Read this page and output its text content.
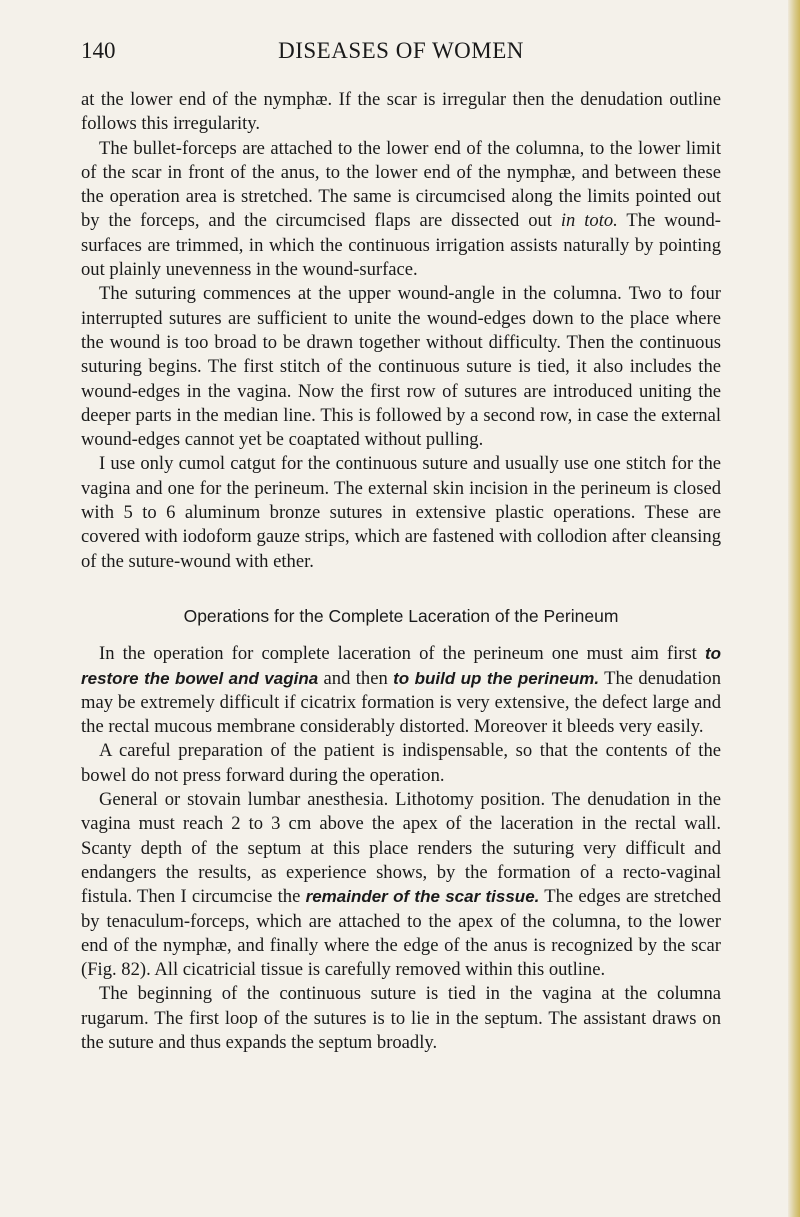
140	DISEASES OF WOMEN

at the lower end of the nymphæ. If the scar is irregular then the denudation outline follows this irregularity.

The bullet-forceps are attached to the lower end of the columna, to the lower limit of the scar in front of the anus, to the lower end of the nymphæ, and between these the operation area is stretched. The same is circumcised along the limits pointed out by the forceps, and the circumcised flaps are dissected out in toto. The wound-surfaces are trimmed, in which the continuous irrigation assists naturally by pointing out plainly unevenness in the wound-surface.

The suturing commences at the upper wound-angle in the columna. Two to four interrupted sutures are sufficient to unite the wound-edges down to the place where the wound is too broad to be drawn together without difficulty. Then the continuous suturing begins. The first stitch of the continuous suture is tied, it also includes the wound-edges in the vagina. Now the first row of sutures are introduced uniting the deeper parts in the median line. This is followed by a second row, in case the external wound-edges cannot yet be coaptated without pulling.

I use only cumol catgut for the continuous suture and usually use one stitch for the vagina and one for the perineum. The external skin incision in the perineum is closed with 5 to 6 aluminum bronze sutures in extensive plastic operations. These are covered with iodoform gauze strips, which are fastened with collodion after cleansing of the suture-wound with ether.

Operations for the Complete Laceration of the Perineum

In the operation for complete laceration of the perineum one must aim first to restore the bowel and vagina and then to build up the perineum. The denudation may be extremely difficult if cicatrix formation is very extensive, the defect large and the rectal mucous membrane considerably distorted. Moreover it bleeds very easily.

A careful preparation of the patient is indispensable, so that the contents of the bowel do not press forward during the operation.

General or stovain lumbar anesthesia. Lithotomy position. The denudation in the vagina must reach 2 to 3 cm above the apex of the laceration in the rectal wall. Scanty depth of the septum at this place renders the suturing very difficult and endangers the results, as experience shows, by the formation of a recto-vaginal fistula. Then I circumcise the remainder of the scar tissue. The edges are stretched by tenaculum-forceps, which are attached to the apex of the columna, to the lower end of the nymphæ, and finally where the edge of the anus is recognized by the scar (Fig. 82). All cicatricial tissue is carefully removed within this outline.

The beginning of the continuous suture is tied in the vagina at the columna rugarum. The first loop of the sutures is to lie in the septum. The assistant draws on the suture and thus expands the septum broadly.
